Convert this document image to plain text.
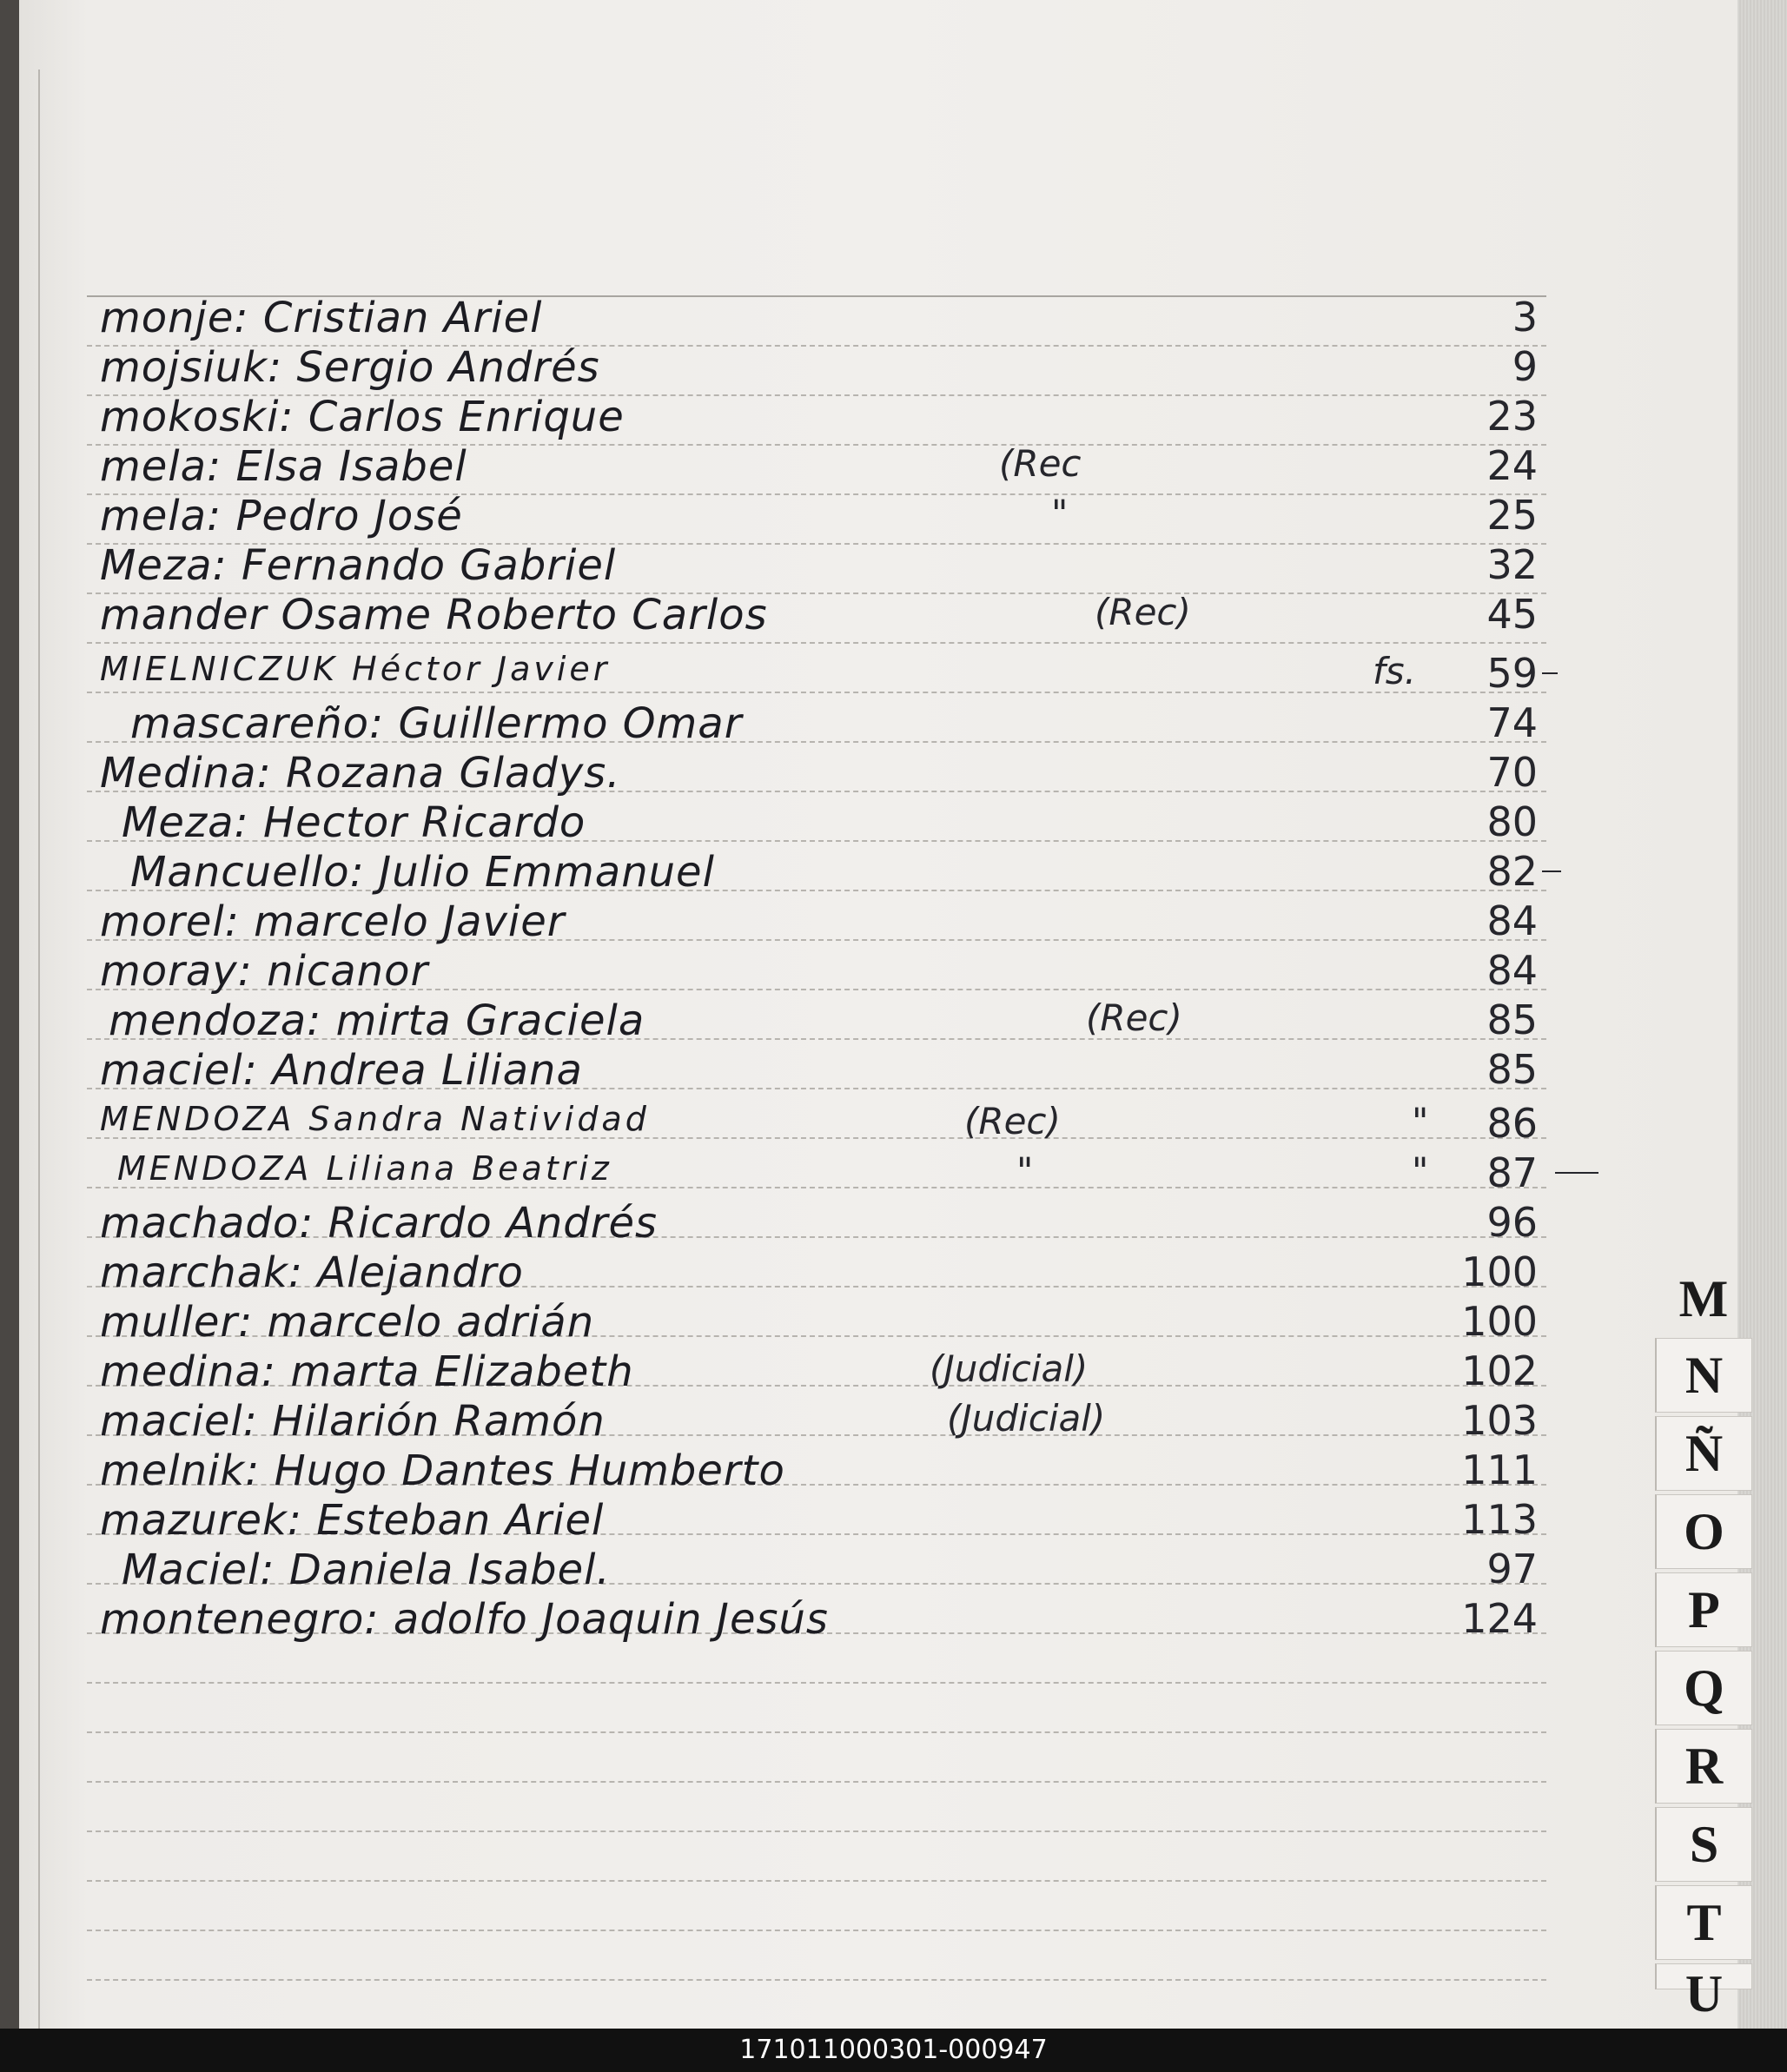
monje: Cristian Ariel	3
mojsiuk: Sergio Andrés	9
mokoski: Carlos Enrique	23
mela: Elsa Isabel	(Rec	24
mela: Pedro José	"	25
Meza: Fernando Gabriel	32
mander Osame Roberto Carlos	(Rec)	45
MIELNICZUK Héctor Javier	fs.	59
mascareño: Guillermo Omar	74
Medina: Rozana Gladys.	70
Meza: Hector Ricardo	80
Mancuello: Julio Emmanuel	82
morel: marcelo Javier	84
moray: nicanor	84
mendoza: mirta Graciela	(Rec)	85
maciel: Andrea Liliana	85
MENDOZA Sandra Natividad	(Rec)	"	86
MENDOZA Liliana Beatriz	"	"	87
machado: Ricardo Andrés	96
marchak: Alejandro	100
muller: marcelo adrián	100
medina: marta Elizabeth	(Judicial)	102
maciel: Hilarión Ramón	(Judicial)	103
melnik: Hugo Dantes Humberto	111
mazurek: Esteban Ariel	113
Maciel: Daniela Isabel.	97
montenegro: adolfo Joaquin Jesús	124
M
N
Ñ
O
P
Q
R
S
T
U
171011000301-000947
